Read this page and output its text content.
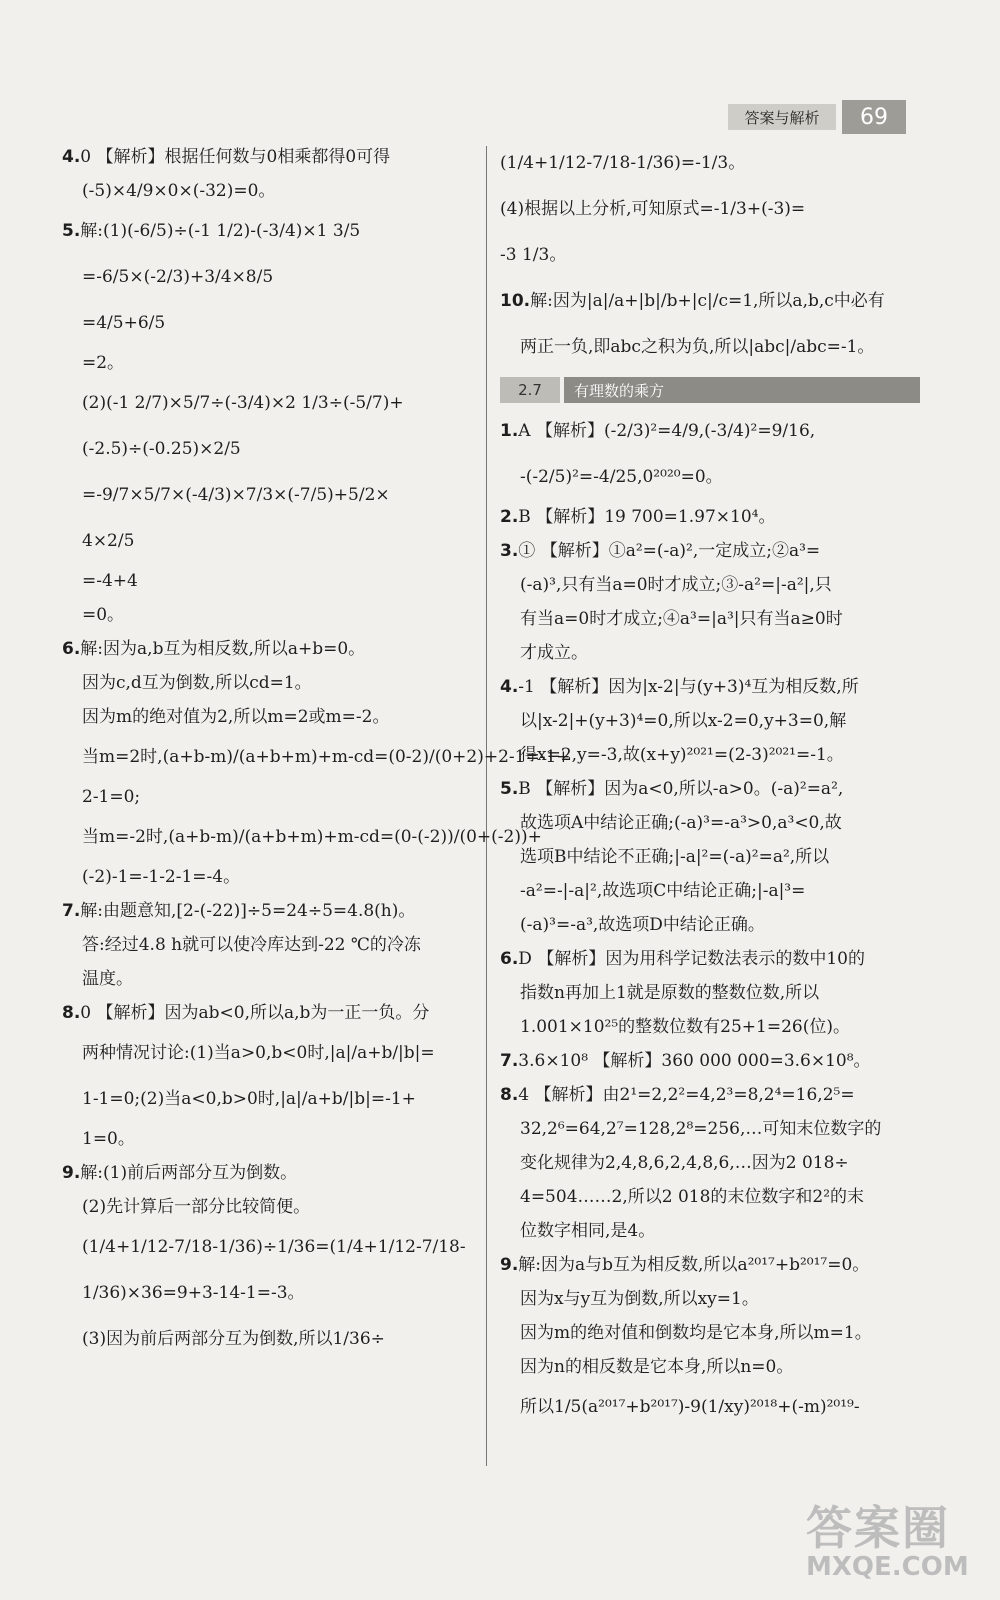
答案与解析	69
4.0 【解析】根据任何数与0相乘都得0可得
(-5)×4/9×0×(-32)=0。
5.解:(1)(-6/5)÷(-1 1/2)-(-3/4)×1 3/5
=-6/5×(-2/3)+3/4×8/5
=4/5+6/5
=2。
(2)(-1 2/7)×5/7÷(-3/4)×2 1/3÷(-5/7)+
(-2.5)÷(-0.25)×2/5
=-9/7×5/7×(-4/3)×7/3×(-7/5)+5/2×
4×2/5
=-4+4
=0。
6.解:因为a,b互为相反数,所以a+b=0。
因为c,d互为倒数,所以cd=1。
因为m的绝对值为2,所以m=2或m=-2。
当m=2时,(a+b-m)/(a+b+m)+m-cd=(0-2)/(0+2)+2-1=-1+
2-1=0;
当m=-2时,(a+b-m)/(a+b+m)+m-cd=(0-(-2))/(0+(-2))+
(-2)-1=-1-2-1=-4。
7.解:由题意知,[2-(-22)]÷5=24÷5=4.8(h)。
答:经过4.8 h就可以使冷库达到-22 ℃的冷冻
温度。
8.0 【解析】因为ab<0,所以a,b为一正一负。分
两种情况讨论:(1)当a>0,b<0时,|a|/a+b/|b|=
1-1=0;(2)当a<0,b>0时,|a|/a+b/|b|=-1+
1=0。
9.解:(1)前后两部分互为倒数。
(2)先计算后一部分比较简便。
(1/4+1/12-7/18-1/36)÷1/36=(1/4+1/12-7/18-
1/36)×36=9+3-14-1=-3。
(3)因为前后两部分互为倒数,所以1/36÷
(1/4+1/12-7/18-1/36)=-1/3。
(4)根据以上分析,可知原式=-1/3+(-3)=
-3 1/3。
10.解:因为|a|/a+|b|/b+|c|/c=1,所以a,b,c中必有
两正一负,即abc之积为负,所以|abc|/abc=-1。
2.7	有理数的乘方
1.A 【解析】(-2/3)²=4/9,(-3/4)²=9/16,
-(-2/5)²=-4/25,0²⁰²⁰=0。
2.B 【解析】19 700=1.97×10⁴。
3.① 【解析】①a²=(-a)²,一定成立;②a³=
(-a)³,只有当a=0时才成立;③-a²=|-a²|,只
有当a=0时才成立;④a³=|a³|只有当a≥0时
才成立。
4.-1 【解析】因为|x-2|与(y+3)⁴互为相反数,所
以|x-2|+(y+3)⁴=0,所以x-2=0,y+3=0,解
得x=2,y=-3,故(x+y)²⁰²¹=(2-3)²⁰²¹=-1。
5.B 【解析】因为a<0,所以-a>0。(-a)²=a²,
故选项A中结论正确;(-a)³=-a³>0,a³<0,故
选项B中结论不正确;|-a|²=(-a)²=a²,所以
-a²=-|-a|²,故选项C中结论正确;|-a|³=
(-a)³=-a³,故选项D中结论正确。
6.D 【解析】因为用科学记数法表示的数中10的
指数n再加上1就是原数的整数位数,所以
1.001×10²⁵的整数位数有25+1=26(位)。
7.3.6×10⁸ 【解析】360 000 000=3.6×10⁸。
8.4 【解析】由2¹=2,2²=4,2³=8,2⁴=16,2⁵=
32,2⁶=64,2⁷=128,2⁸=256,…可知末位数字的
变化规律为2,4,8,6,2,4,8,6,…因为2 018÷
4=504……2,所以2 018的末位数字和2²的末
位数字相同,是4。
9.解:因为a与b互为相反数,所以a²⁰¹⁷+b²⁰¹⁷=0。
因为x与y互为倒数,所以xy=1。
因为m的绝对值和倒数均是它本身,所以m=1。
因为n的相反数是它本身,所以n=0。
所以1/5(a²⁰¹⁷+b²⁰¹⁷)-9(1/xy)²⁰¹⁸+(-m)²⁰¹⁹-
答案圈
MXQE.COM
